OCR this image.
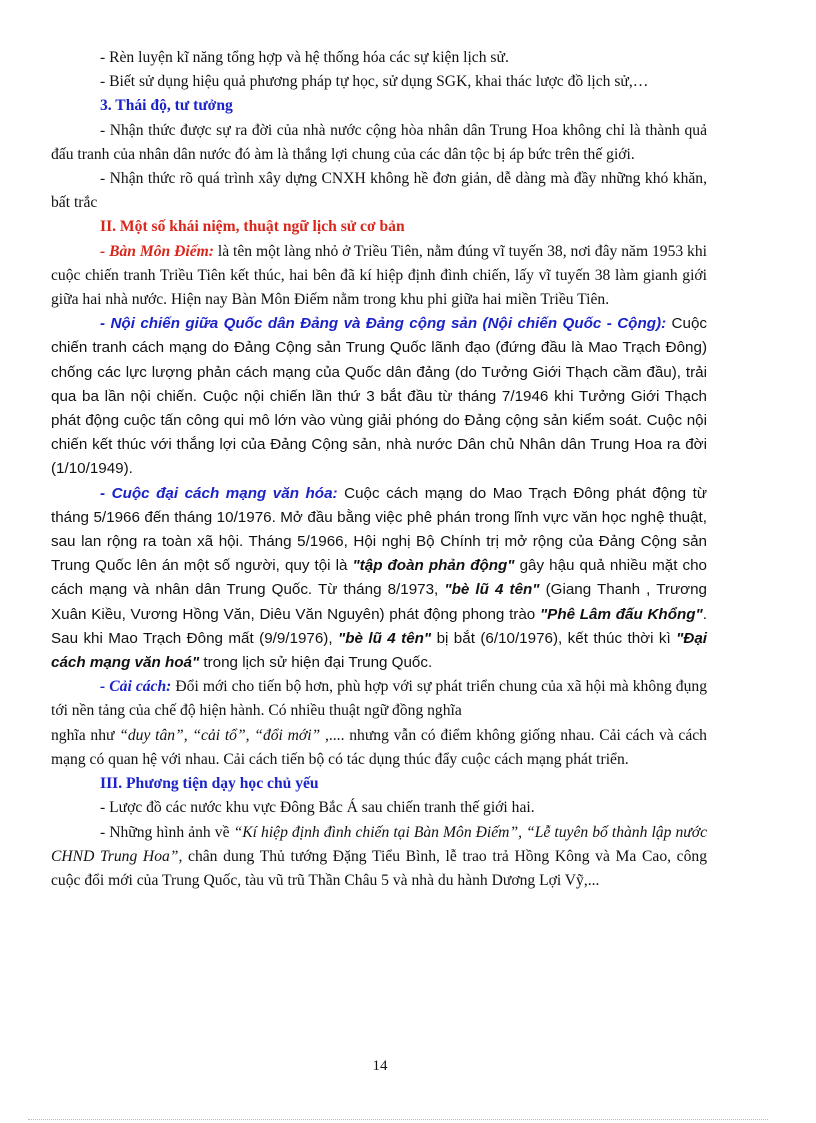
- Rèn luyện kĩ năng tổng hợp và hệ thống hóa các sự kiện lịch sử.

- Biết sử dụng hiệu quả phương pháp tự học, sử dụng SGK, khai thác lược đồ lịch sử,…

3. Thái độ, tư tưởng

- Nhận thức được sự ra đời của nhà nước cộng hòa nhân dân Trung Hoa không chỉ là thành quả đấu tranh của nhân dân nước đó àm là thắng lợi chung của các dân tộc bị áp bức trên thế giới.

- Nhận thức rõ quá trình xây dựng CNXH không hề đơn giản, dễ dàng mà đầy những khó khăn, bất trắc

II. Một số khái niệm, thuật ngữ lịch sử cơ bản

- Bàn Môn Điếm: là tên một làng nhỏ ở Triều Tiên, nằm đúng vĩ tuyến 38, nơi đây năm 1953 khi cuộc chiến tranh Triều Tiên kết thúc, hai bên đã kí hiệp định đình chiến, lấy vĩ tuyến 38 làm gianh giới giữa hai nhà nước. Hiện nay Bàn Môn Điếm nằm trong khu phi giữa hai miền Triều Tiên.

- Nội chiến giữa Quốc dân Đảng và Đảng cộng sản (Nội chiến Quốc - Cộng): Cuộc chiến tranh cách mạng do Đảng Cộng sản Trung Quốc lãnh đạo (đứng đầu là Mao Trạch Đông) chống các lực lượng phản cách mạng của Quốc dân đảng (do Tưởng Giới Thạch cầm đầu), trải qua ba lần nội chiến. Cuộc nội chiến lần thứ 3 bắt đầu từ tháng 7/1946 khi Tưởng Giới Thạch phát động cuộc tấn công qui mô lớn vào vùng giải phóng do Đảng cộng sản kiểm soát. Cuộc nội chiến kết thúc với thắng lợi của Đảng Cộng sản, nhà nước Dân chủ Nhân dân Trung Hoa ra đời (1/10/1949).

- Cuộc đại cách mạng văn hóa: Cuộc cách mạng do Mao Trạch Đông phát động từ tháng 5/1966 đến tháng 10/1976. Mở đầu bằng việc phê phán trong lĩnh vực văn học nghệ thuật, sau lan rộng ra toàn xã hội. Tháng 5/1966, Hội nghị Bộ Chính trị mở rộng của Đảng Cộng sản Trung Quốc lên án một số người, quy tội là "tập đoàn phản động" gây hậu quả nhiều mặt cho cách mạng và nhân dân Trung Quốc. Từ tháng 8/1973, "bè lũ 4 tên" (Giang Thanh , Trương Xuân Kiều, Vương Hồng Văn, Diêu Văn Nguyên) phát động phong trào "Phê Lâm đấu Khổng". Sau khi Mao Trạch Đông mất (9/9/1976), "bè lũ 4 tên" bị bắt (6/10/1976), kết thúc thời kì "Đại cách mạng văn hoá" trong lịch sử hiện đại Trung Quốc.

- Cải cách: Đổi mới cho tiến bộ hơn, phù hợp với sự phát triển chung của xã hội mà không đụng tới nền tảng của chế độ hiện hành. Có nhiều thuật ngữ đồng nghĩa

nghĩa như “duy tân”, “cải tổ”, “đổi mới” ,.... nhưng vẫn có điểm không giống nhau. Cải cách và cách mạng có quan hệ với nhau. Cải cách tiến bộ có tác dụng thúc đẩy cuộc cách mạng phát triển.

III. Phương tiện dạy học chủ yếu

- Lược đồ các nước khu vực Đông Bắc Á sau chiến tranh thế giới hai.

- Những hình ảnh về “Kí hiệp định đình chiến tại Bàn Môn Điếm”, “Lễ tuyên bố thành lập nước CHND Trung Hoa”, chân dung Thủ tướng Đặng Tiểu Bình, lễ trao trả Hồng Kông và Ma Cao, công cuộc đổi mới của Trung Quốc, tàu vũ trũ Thần Châu 5 và nhà du hành Dương Lợi Vỹ,...

14
